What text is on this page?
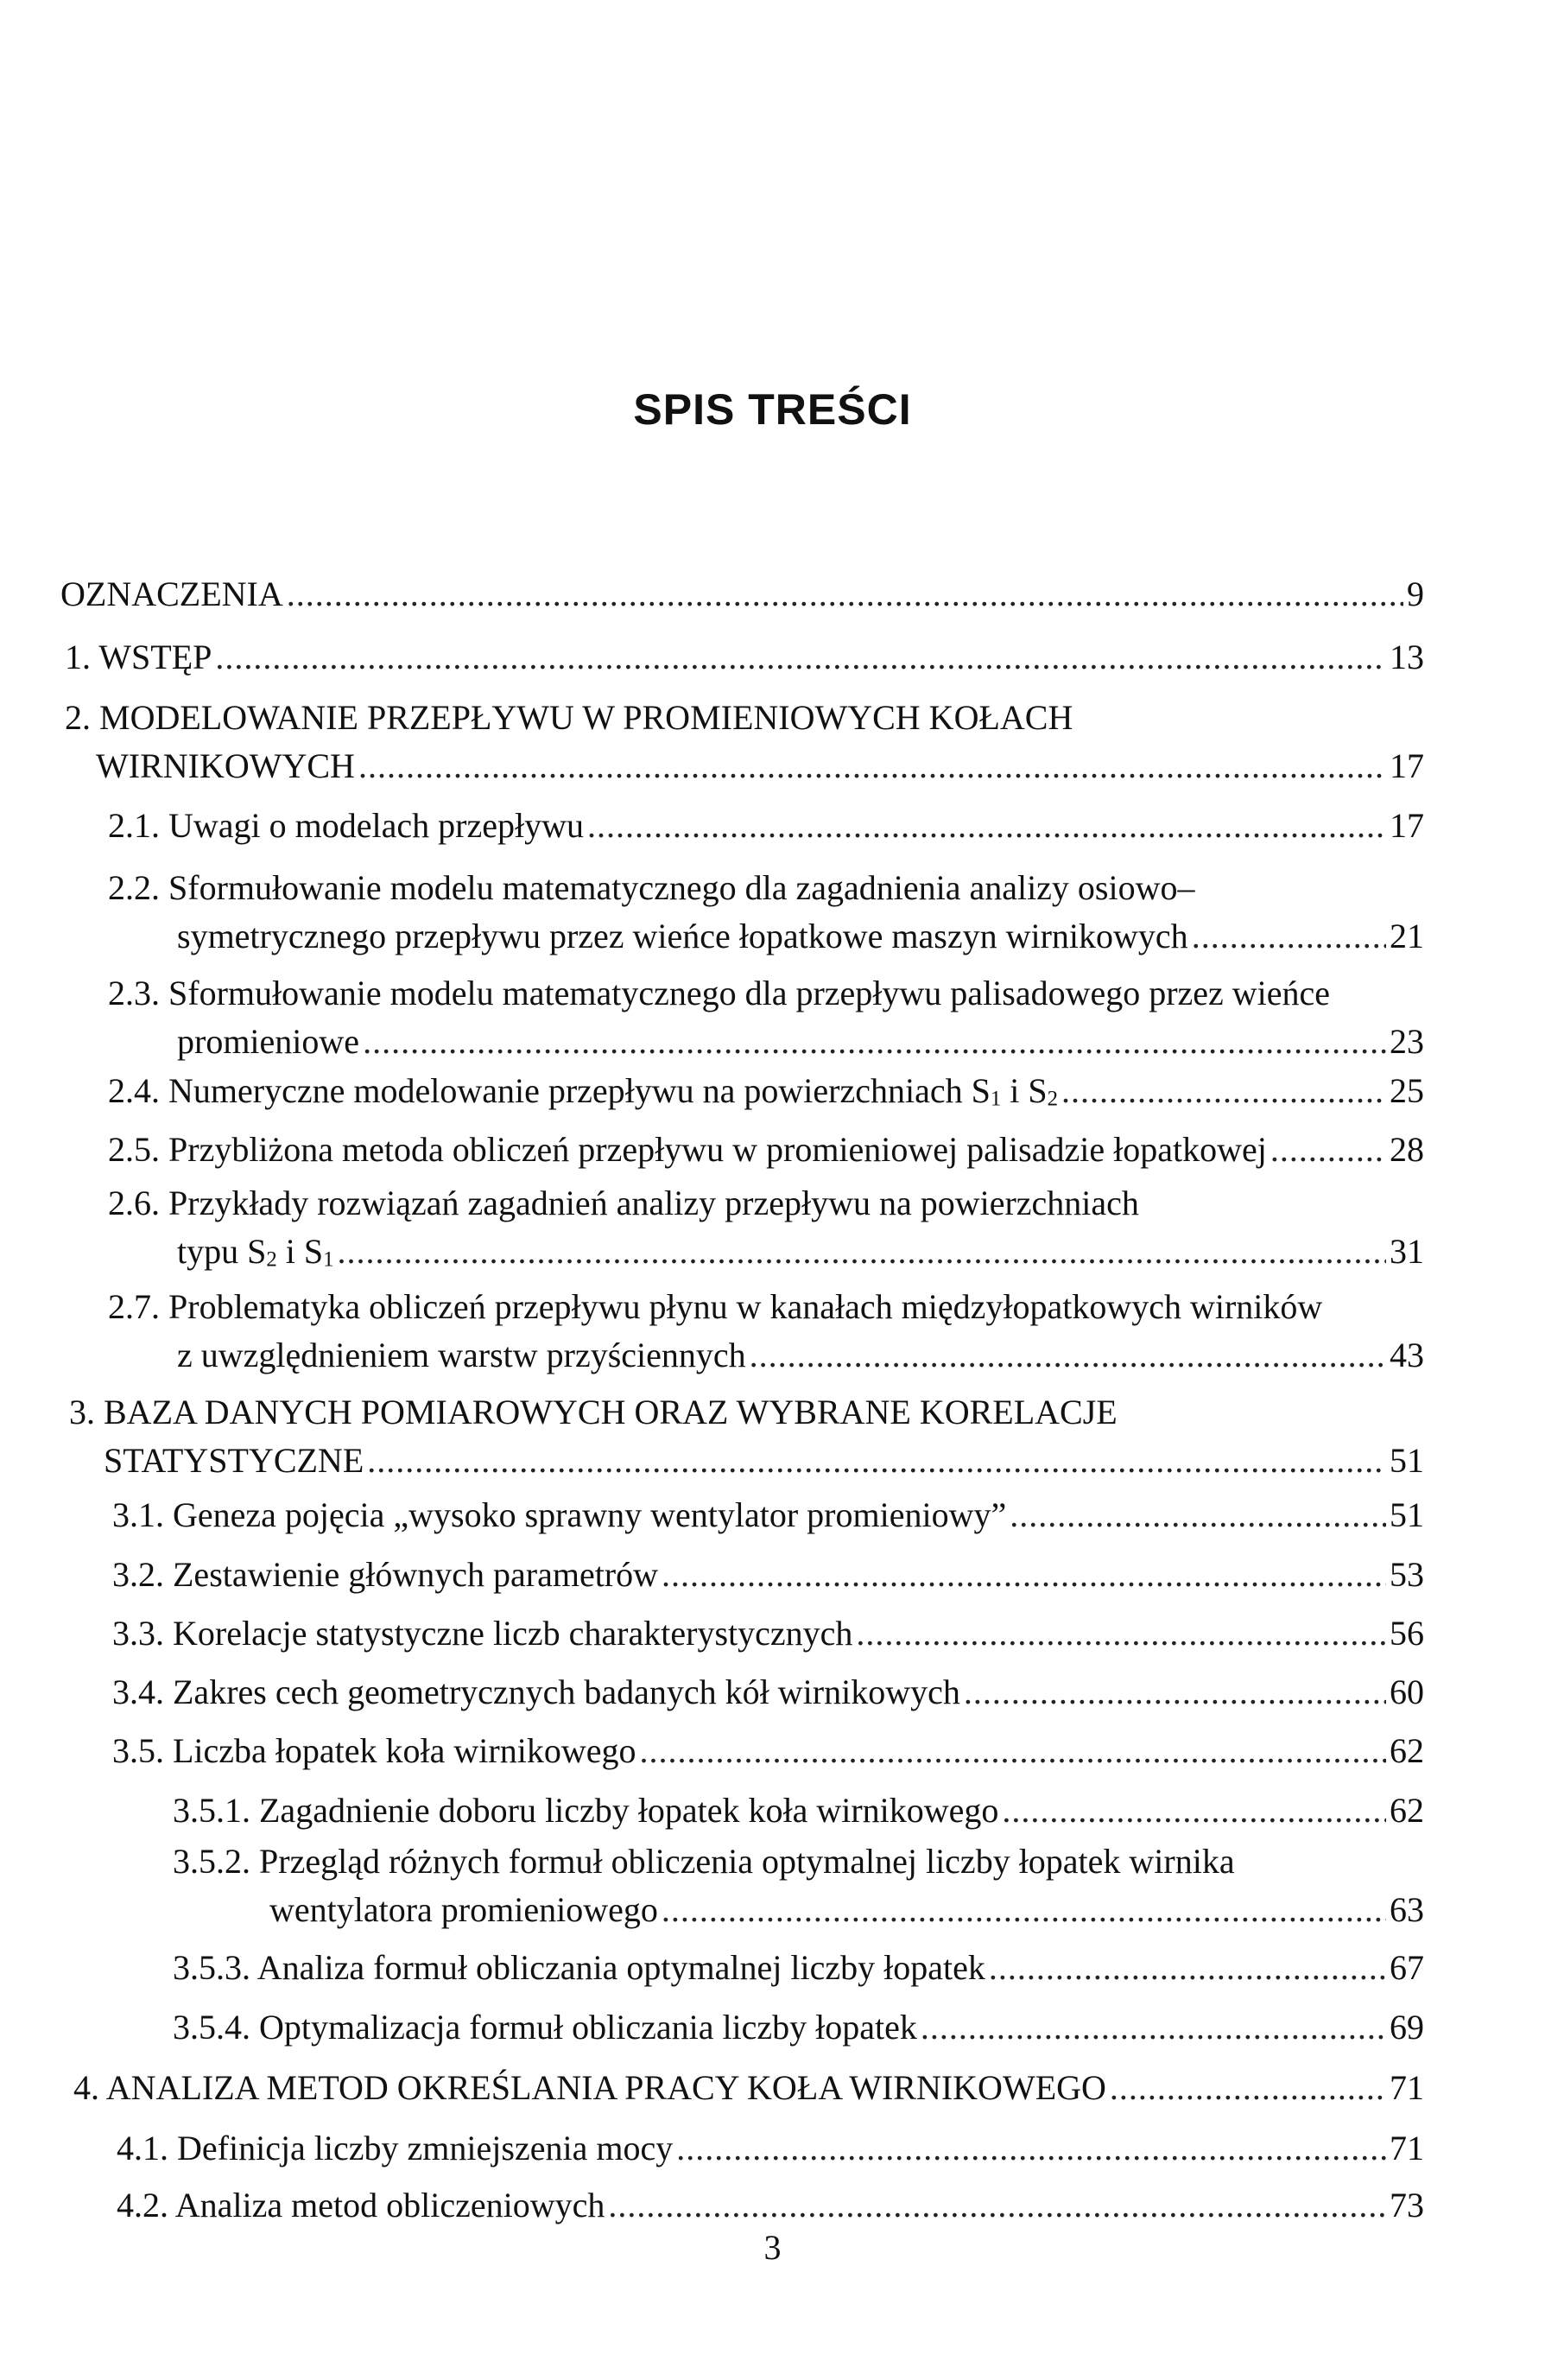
SPIS TREŚCI
OZNACZENIA .....	9
1. WSTĘP .....	13
2. MODELOWANIE PRZEPŁYWU W PROMIENIOWYCH KOŁACH
WIRNIKOWYCH .....	17
2.1. Uwagi o modelach przepływu .....	17
2.2. Sformułowanie modelu matematycznego dla zagadnienia analizy osiowo–
symetrycznego przepływu przez wieńce łopatkowe maszyn wirnikowych .....	21
2.3. Sformułowanie modelu matematycznego dla przepływu palisadowego przez wieńce
promieniowe .....	23
2.4. Numeryczne modelowanie przepływu na powierzchniach $S_1$ i $S_2$ .....	25
2.5. Przybliżona metoda obliczeń przepływu w promieniowej palisadzie łopatkowej .....	28
2.6. Przykłady rozwiązań zagadnień analizy przepływu na powierzchniach
typu $S_2$ i $S_1$ .....	31
2.7. Problematyka obliczeń przepływu płynu w kanałach międzyłopatkowych wirników
z uwzględnieniem warstw przyściennych .....	43
3. BAZA DANYCH POMIAROWYCH ORAZ WYBRANE KORELACJE
STATYSTYCZNE .....	51
3.1. Geneza pojęcia „wysoko sprawny wentylator promieniowy” .....	51
3.2. Zestawienie głównych parametrów .....	53
3.3. Korelacje statystyczne liczb charakterystycznych .....	56
3.4. Zakres cech geometrycznych badanych kół wirnikowych .....	60
3.5. Liczba łopatek koła wirnikowego .....	62
3.5.1. Zagadnienie doboru liczby łopatek koła wirnikowego .....	62
3.5.2. Przegląd różnych formuł obliczenia optymalnej liczby łopatek wirnika
wentylatora promieniowego .....	63
3.5.3. Analiza formuł obliczania optymalnej liczby łopatek .....	67
3.5.4. Optymalizacja formuł obliczania liczby łopatek .....	69
4. ANALIZA METOD OKREŚLANIA PRACY KOŁA WIRNIKOWEGO .....	71
4.1. Definicja liczby zmniejszenia mocy .....	71
4.2. Analiza metod obliczeniowych .....	73
3
